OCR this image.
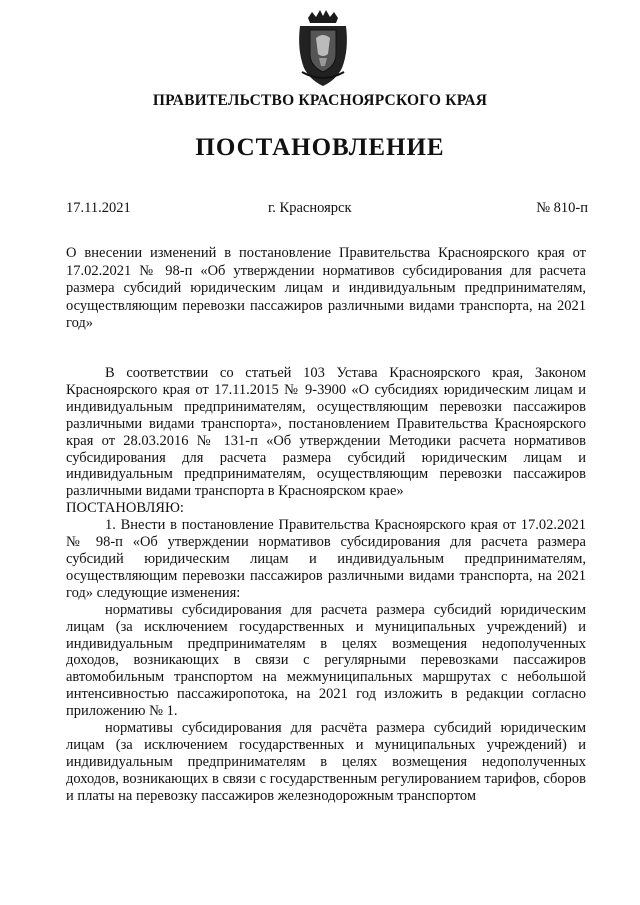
ПРАВИТЕЛЬСТВО КРАСНОЯРСКОГО КРАЯ
ПОСТАНОВЛЕНИЕ
17.11.2021	г. Красноярск	№ 810-п
О внесении изменений в постановление Правительства Красноярского края от 17.02.2021 № 98-п «Об утверждении нормативов субсидирования для расчета размера субсидий юридическим лицам и индивидуальным предпринимателям, осуществляющим перевозки пассажиров различными видами транспорта, на 2021 год»

В соответствии со статьей 103 Устава Красноярского края, Законом Красноярского края от 17.11.2015 № 9-3900 «О субсидиях юридическим лицам и индивидуальным предпринимателям, осуществляющим перевозки пассажиров различными видами транспорта», постановлением Правительства Красноярского края от 28.03.2016 № 131-п «Об утверждении Методики расчета нормативов субсидирования для расчета размера субсидий юридическим лицам и индивидуальным предпринимателям, осуществляющим перевозки пассажиров различными видами транспорта в Красноярском крае»

ПОСТАНОВЛЯЮ:

1. Внести в постановление Правительства Красноярского края от 17.02.2021 № 98-п «Об утверждении нормативов субсидирования для расчета размера субсидий юридическим лицам и индивидуальным предпринимателям, осуществляющим перевозки пассажиров различными видами транспорта, на 2021 год» следующие изменения:

нормативы субсидирования для расчета размера субсидий юридическим лицам (за исключением государственных и муниципальных учреждений) и индивидуальным предпринимателям в целях возмещения недополученных доходов, возникающих в связи с регулярными перевозками пассажиров автомобильным транспортом на межмуниципальных маршрутах с небольшой интенсивностью пассажиропотока, на 2021 год изложить в редакции согласно приложению № 1.

нормативы субсидирования для расчёта размера субсидий юридическим лицам (за исключением государственных и муниципальных учреждений) и индивидуальным предпринимателям в целях возмещения недополученных доходов, возникающих в связи с государственным регулированием тарифов, сборов и платы на перевозку пассажиров железнодорожным транспортом
